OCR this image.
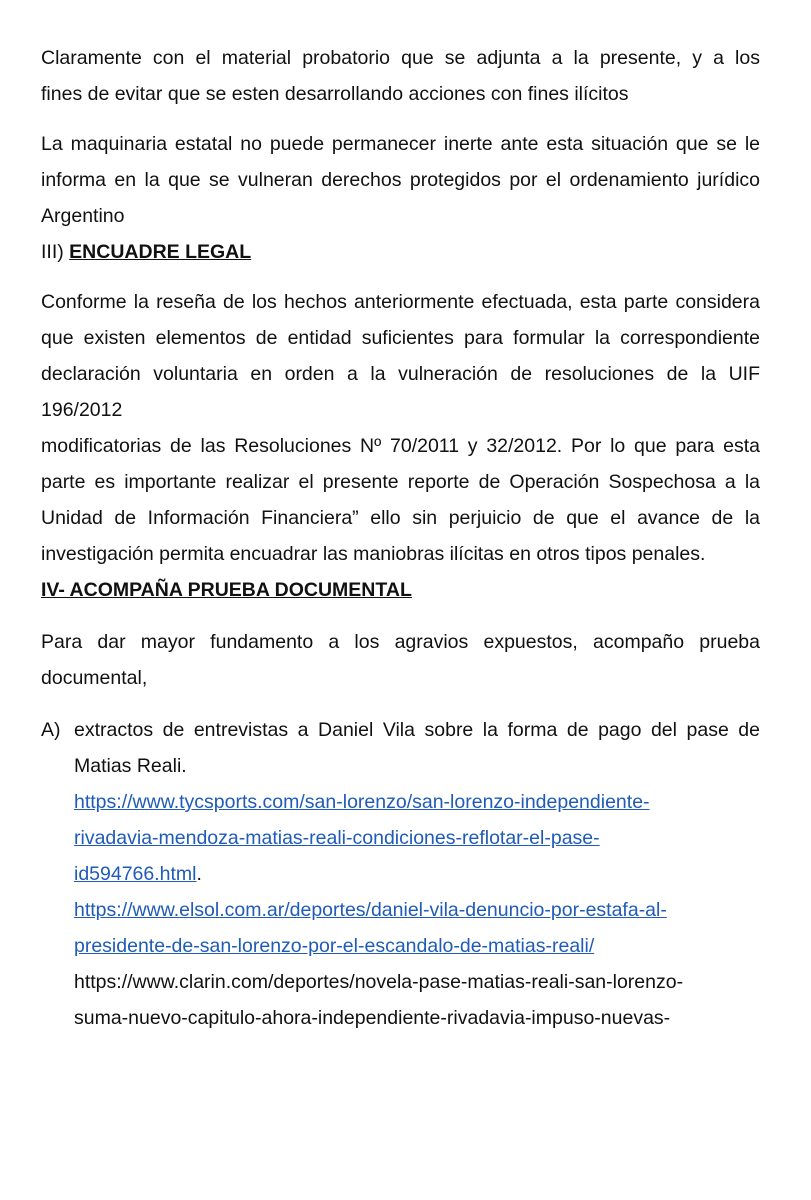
Claramente con el material probatorio que se adjunta a la presente, y a los
fines de evitar que se esten desarrollando acciones con fines ilícitos

La maquinaria estatal no puede permanecer inerte ante esta situación que se le informa en la que se vulneran derechos protegidos por el ordenamiento jurídico Argentino

III) ENCUADRE LEGAL

Conforme la reseña de los hechos anteriormente efectuada, esta parte considera que existen elementos de entidad suficientes para formular la correspondiente declaración voluntaria en orden a la vulneración de resoluciones de la UIF 196/2012

modificatorias de las Resoluciones Nº 70/2011 y 32/2012. Por lo que para esta parte es importante realizar el presente reporte de Operación Sospechosa a la Unidad de Información Financiera” ello sin perjuicio de que el avance de la investigación permita encuadrar las maniobras ilícitas en otros tipos penales.

IV- ACOMPAÑA PRUEBA DOCUMENTAL

Para dar mayor fundamento a los agravios expuestos, acompaño prueba documental,

A) extractos de entrevistas a Daniel Vila sobre la forma de pago del pase de Matias Reali.
https://www.tycsports.com/san-lorenzo/san-lorenzo-independiente-
rivadavia-mendoza-matias-reali-condiciones-reflotar-el-pase-
id594766.html.
https://www.elsol.com.ar/deportes/daniel-vila-denuncio-por-estafa-al-
presidente-de-san-lorenzo-por-el-escandalo-de-matias-reali/
https://www.clarin.com/deportes/novela-pase-matias-reali-san-lorenzo-
suma-nuevo-capitulo-ahora-independiente-rivadavia-impuso-nuevas-
